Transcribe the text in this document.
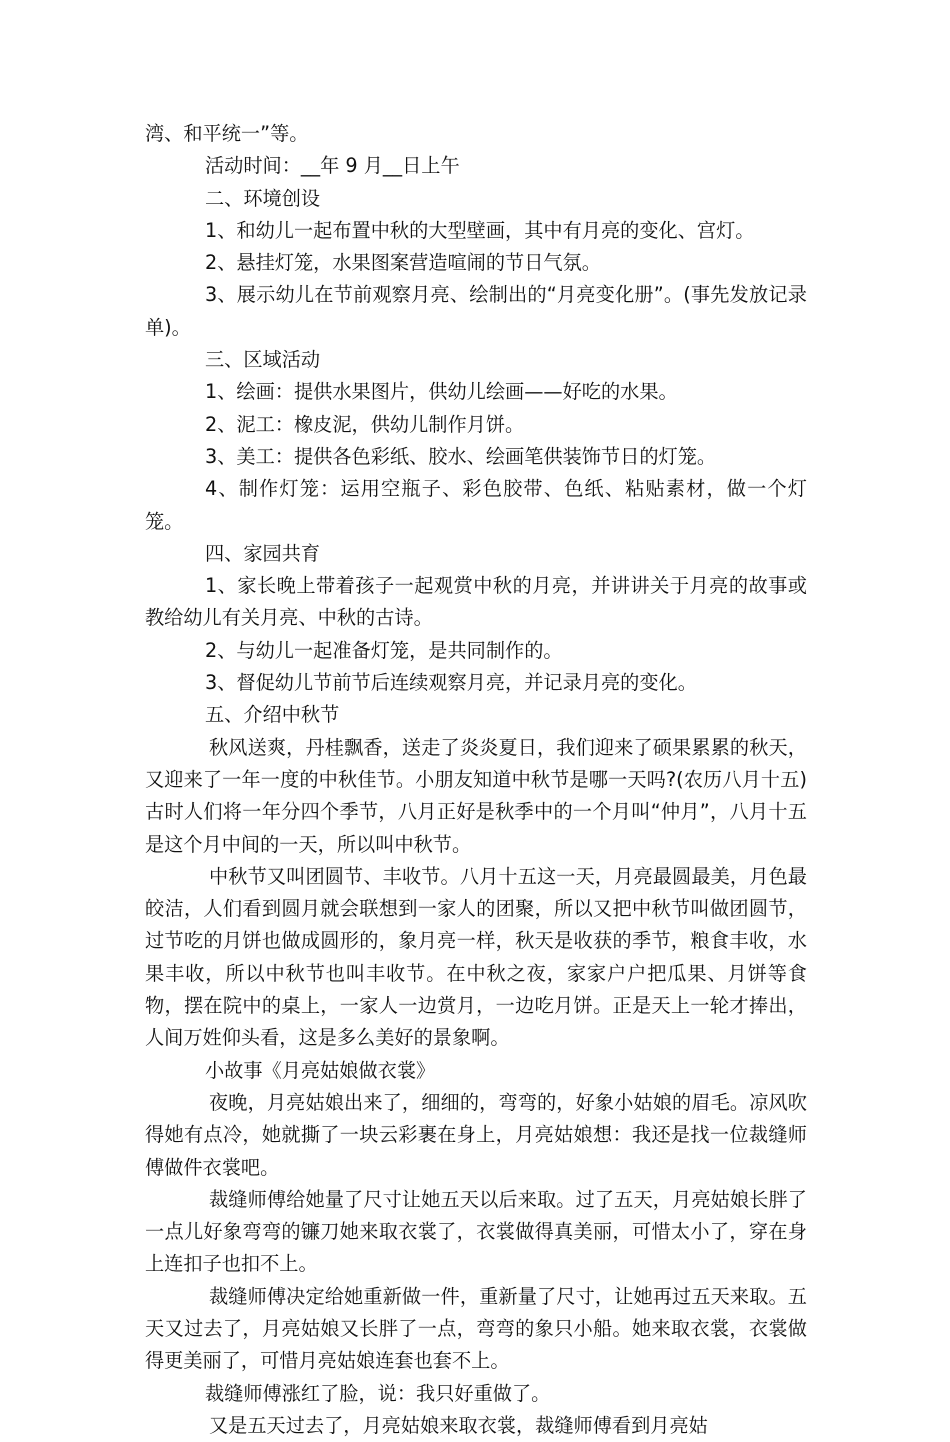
湾、和平统一”等。

活动时间：__年 9 月__日上午

二、环境创设

1、和幼儿一起布置中秋的大型壁画，其中有月亮的变化、宫灯。

2、悬挂灯笼，水果图案营造喧闹的节日气氛。

3、展示幼儿在节前观察月亮、绘制出的“月亮变化册”。(事先发放记录单)。

三、区域活动

1、绘画：提供水果图片，供幼儿绘画——好吃的水果。

2、泥工：橡皮泥，供幼儿制作月饼。

3、美工：提供各色彩纸、胶水、绘画笔供装饰节日的灯笼。

4、制作灯笼：运用空瓶子、彩色胶带、色纸、粘贴素材，做一个灯笼。

四、家园共育

1、家长晚上带着孩子一起观赏中秋的月亮，并讲讲关于月亮的故事或教给幼儿有关月亮、中秋的古诗。

2、与幼儿一起准备灯笼，是共同制作的。

3、督促幼儿节前节后连续观察月亮，并记录月亮的变化。

五、介绍中秋节

秋风送爽，丹桂飘香，送走了炎炎夏日，我们迎来了硕果累累的秋天，又迎来了一年一度的中秋佳节。小朋友知道中秋节是哪一天吗?(农历八月十五)古时人们将一年分四个季节，八月正好是秋季中的一个月叫“仲月”，八月十五是这个月中间的一天，所以叫中秋节。

中秋节又叫团圆节、丰收节。八月十五这一天，月亮最圆最美，月色最皎洁，人们看到圆月就会联想到一家人的团聚，所以又把中秋节叫做团圆节，过节吃的月饼也做成圆形的，象月亮一样，秋天是收获的季节，粮食丰收，水果丰收，所以中秋节也叫丰收节。在中秋之夜，家家户户把瓜果、月饼等食物，摆在院中的桌上，一家人一边赏月，一边吃月饼。正是天上一轮才捧出，人间万姓仰头看，这是多么美好的景象啊。

小故事《月亮姑娘做衣裳》

夜晚，月亮姑娘出来了，细细的，弯弯的，好象小姑娘的眉毛。凉风吹得她有点冷，她就撕了一块云彩裹在身上，月亮姑娘想：我还是找一位裁缝师傅做件衣裳吧。

裁缝师傅给她量了尺寸让她五天以后来取。过了五天，月亮姑娘长胖了一点儿好象弯弯的镰刀她来取衣裳了，衣裳做得真美丽，可惜太小了，穿在身上连扣子也扣不上。

裁缝师傅决定给她重新做一件，重新量了尺寸，让她再过五天来取。五天又过去了，月亮姑娘又长胖了一点，弯弯的象只小船。她来取衣裳，衣裳做得更美丽了，可惜月亮姑娘连套也套不上。

裁缝师傅涨红了脸，说：我只好重做了。

又是五天过去了，月亮姑娘来取衣裳，裁缝师傅看到月亮姑
